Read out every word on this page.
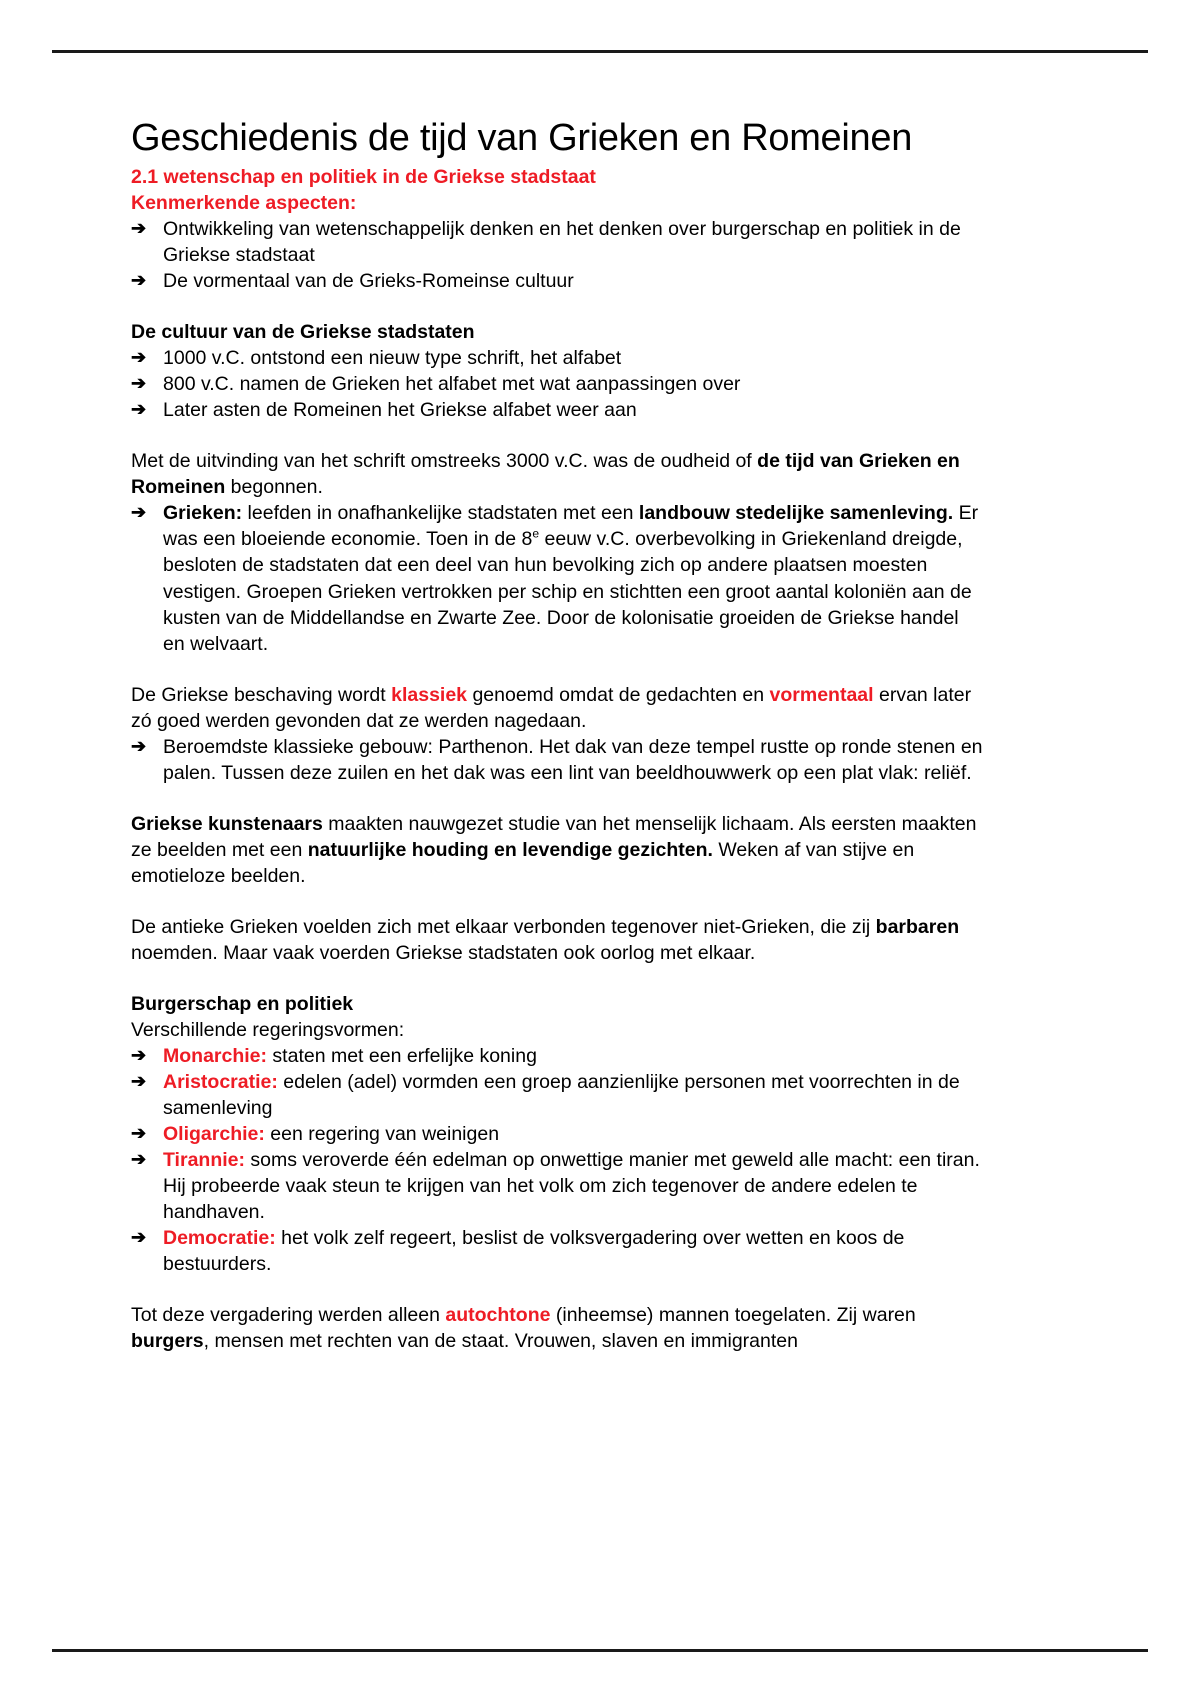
Geschiedenis de tijd van Grieken en Romeinen

2.1 wetenschap en politiek in de Griekse stadstaat

Kenmerkende aspecten:

➔ Ontwikkeling van wetenschappelijk denken en het denken over burgerschap en politiek in de Griekse stadstaat
➔ De vormentaal van de Grieks-Romeinse cultuur

De cultuur van de Griekse stadstaten

➔ 1000 v.C. ontstond een nieuw type schrift, het alfabet
➔ 800 v.C. namen de Grieken het alfabet met wat aanpassingen over
➔ Later asten de Romeinen het Griekse alfabet weer aan

Met de uitvinding van het schrift omstreeks 3000 v.C. was de oudheid of de tijd van Grieken en Romeinen begonnen.

➔ Grieken: leefden in onafhankelijke stadstaten met een landbouw stedelijke samenleving. Er was een bloeiende economie. Toen in de 8e eeuw v.C. overbevolking in Griekenland dreigde, besloten de stadstaten dat een deel van hun bevolking zich op andere plaatsen moesten vestigen. Groepen Grieken vertrokken per schip en stichtten een groot aantal koloniën aan de kusten van de Middellandse en Zwarte Zee. Door de kolonisatie groeiden de Griekse handel en welvaart.

De Griekse beschaving wordt klassiek genoemd omdat de gedachten en vormentaal ervan later zó goed werden gevonden dat ze werden nagedaan.

➔ Beroemdste klassieke gebouw: Parthenon. Het dak van deze tempel rustte op ronde stenen en palen. Tussen deze zuilen en het dak was een lint van beeldhouwwerk op een plat vlak: reliëf.

Griekse kunstenaars maakten nauwgezet studie van het menselijk lichaam. Als eersten maakten ze beelden met een natuurlijke houding en levendige gezichten. Weken af van stijve en emotieloze beelden.

De antieke Grieken voelden zich met elkaar verbonden tegenover niet-Grieken, die zij barbaren noemden. Maar vaak voerden Griekse stadstaten ook oorlog met elkaar.

Burgerschap en politiek

Verschillende regeringsvormen:

➔ Monarchie: staten met een erfelijke koning
➔ Aristocratie: edelen (adel) vormden een groep aanzienlijke personen met voorrechten in de samenleving
➔ Oligarchie: een regering van weinigen
➔ Tirannie: soms veroverde één edelman op onwettige manier met geweld alle macht: een tiran. Hij probeerde vaak steun te krijgen van het volk om zich tegenover de andere edelen te handhaven.
➔ Democratie: het volk zelf regeert, beslist de volksvergadering over wetten en koos de bestuurders.

Tot deze vergadering werden alleen autochtone (inheemse) mannen toegelaten. Zij waren burgers, mensen met rechten van de staat. Vrouwen, slaven en immigranten
